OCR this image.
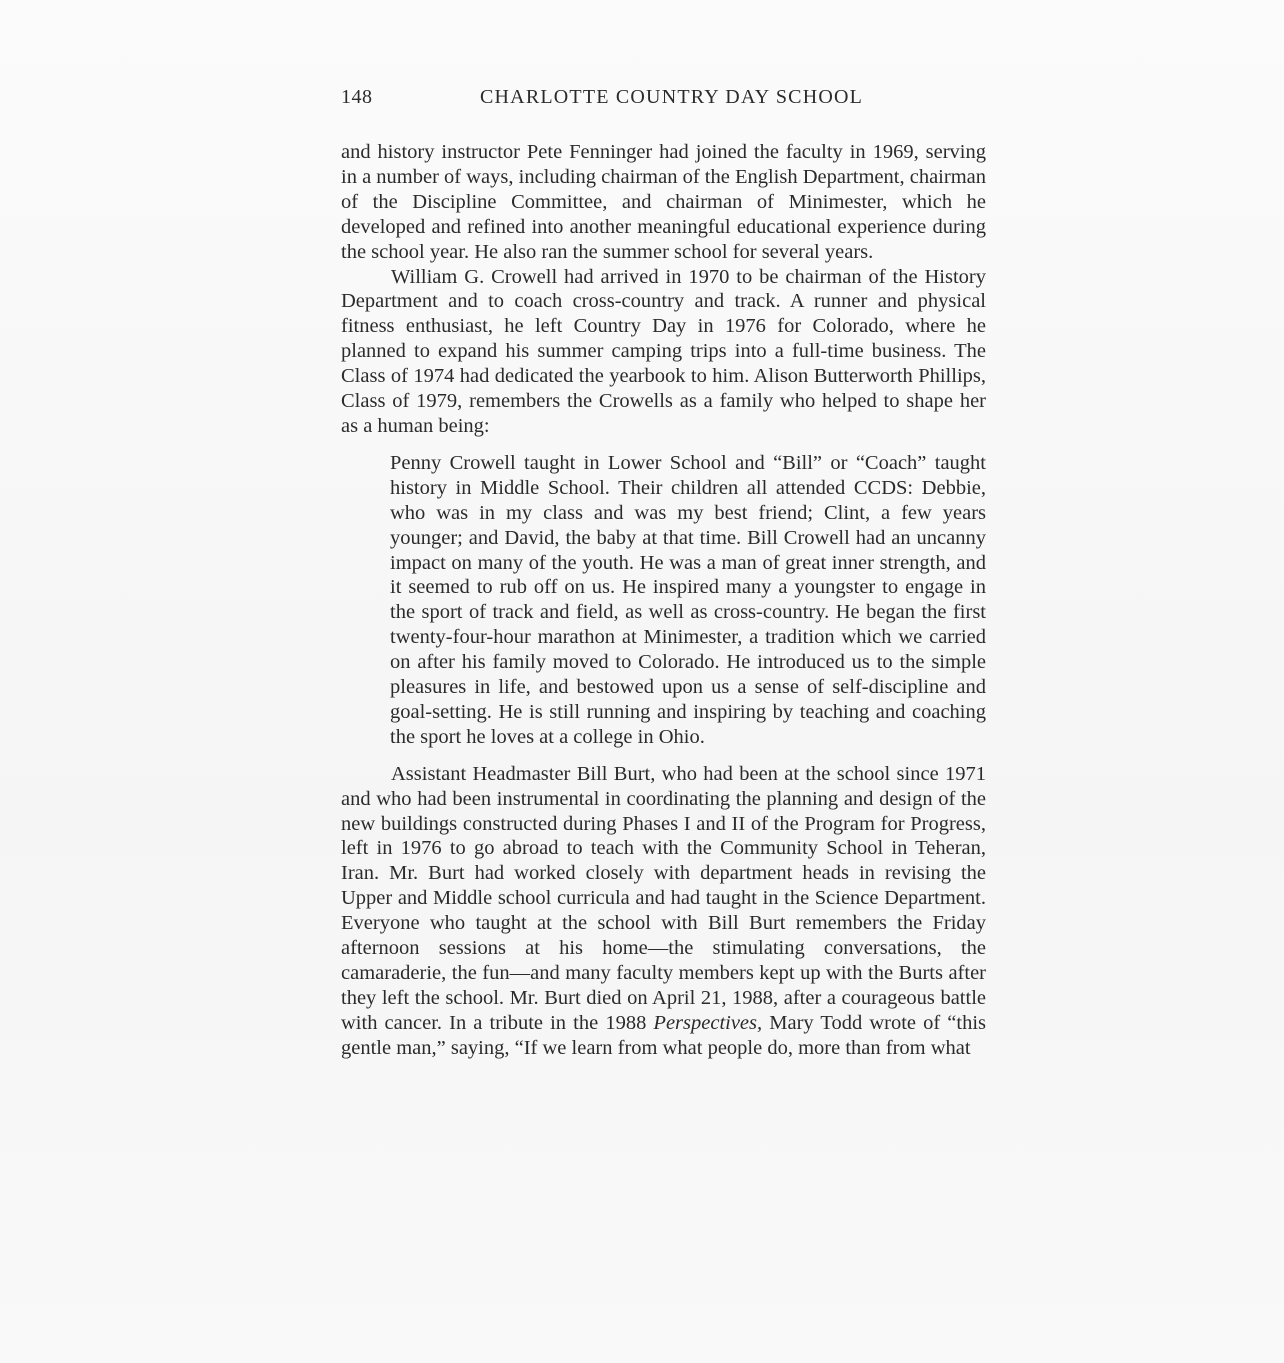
148	CHARLOTTE COUNTRY DAY SCHOOL

and history instructor Pete Fenninger had joined the faculty in 1969, serving in a number of ways, including chairman of the English Department, chairman of the Discipline Committee, and chairman of Minimester, which he developed and refined into another meaningful educational experience during the school year. He also ran the summer school for several years.

William G. Crowell had arrived in 1970 to be chairman of the History Department and to coach cross-country and track. A runner and physical fitness enthusiast, he left Country Day in 1976 for Colorado, where he planned to expand his summer camping trips into a full-time business. The Class of 1974 had dedicated the yearbook to him. Alison Butterworth Phillips, Class of 1979, remembers the Crowells as a family who helped to shape her as a human being:

Penny Crowell taught in Lower School and “Bill” or “Coach” taught history in Middle School. Their children all attended CCDS: Debbie, who was in my class and was my best friend; Clint, a few years younger; and David, the baby at that time. Bill Crowell had an uncanny impact on many of the youth. He was a man of great inner strength, and it seemed to rub off on us. He inspired many a youngster to engage in the sport of track and field, as well as cross-country. He began the first twenty-four-hour marathon at Minimester, a tradition which we carried on after his family moved to Colorado. He introduced us to the simple pleasures in life, and bestowed upon us a sense of self-discipline and goal-setting. He is still running and inspiring by teaching and coaching the sport he loves at a college in Ohio.

Assistant Headmaster Bill Burt, who had been at the school since 1971 and who had been instrumental in coordinating the planning and design of the new buildings constructed during Phases I and II of the Program for Progress, left in 1976 to go abroad to teach with the Community School in Teheran, Iran. Mr. Burt had worked closely with department heads in revising the Upper and Middle school curricula and had taught in the Science Department. Everyone who taught at the school with Bill Burt remembers the Friday afternoon sessions at his home—the stimulating conversations, the camaraderie, the fun—and many faculty members kept up with the Burts after they left the school. Mr. Burt died on April 21, 1988, after a courageous battle with cancer. In a tribute in the 1988 Perspectives, Mary Todd wrote of “this gentle man,” saying, “If we learn from what people do, more than from what
